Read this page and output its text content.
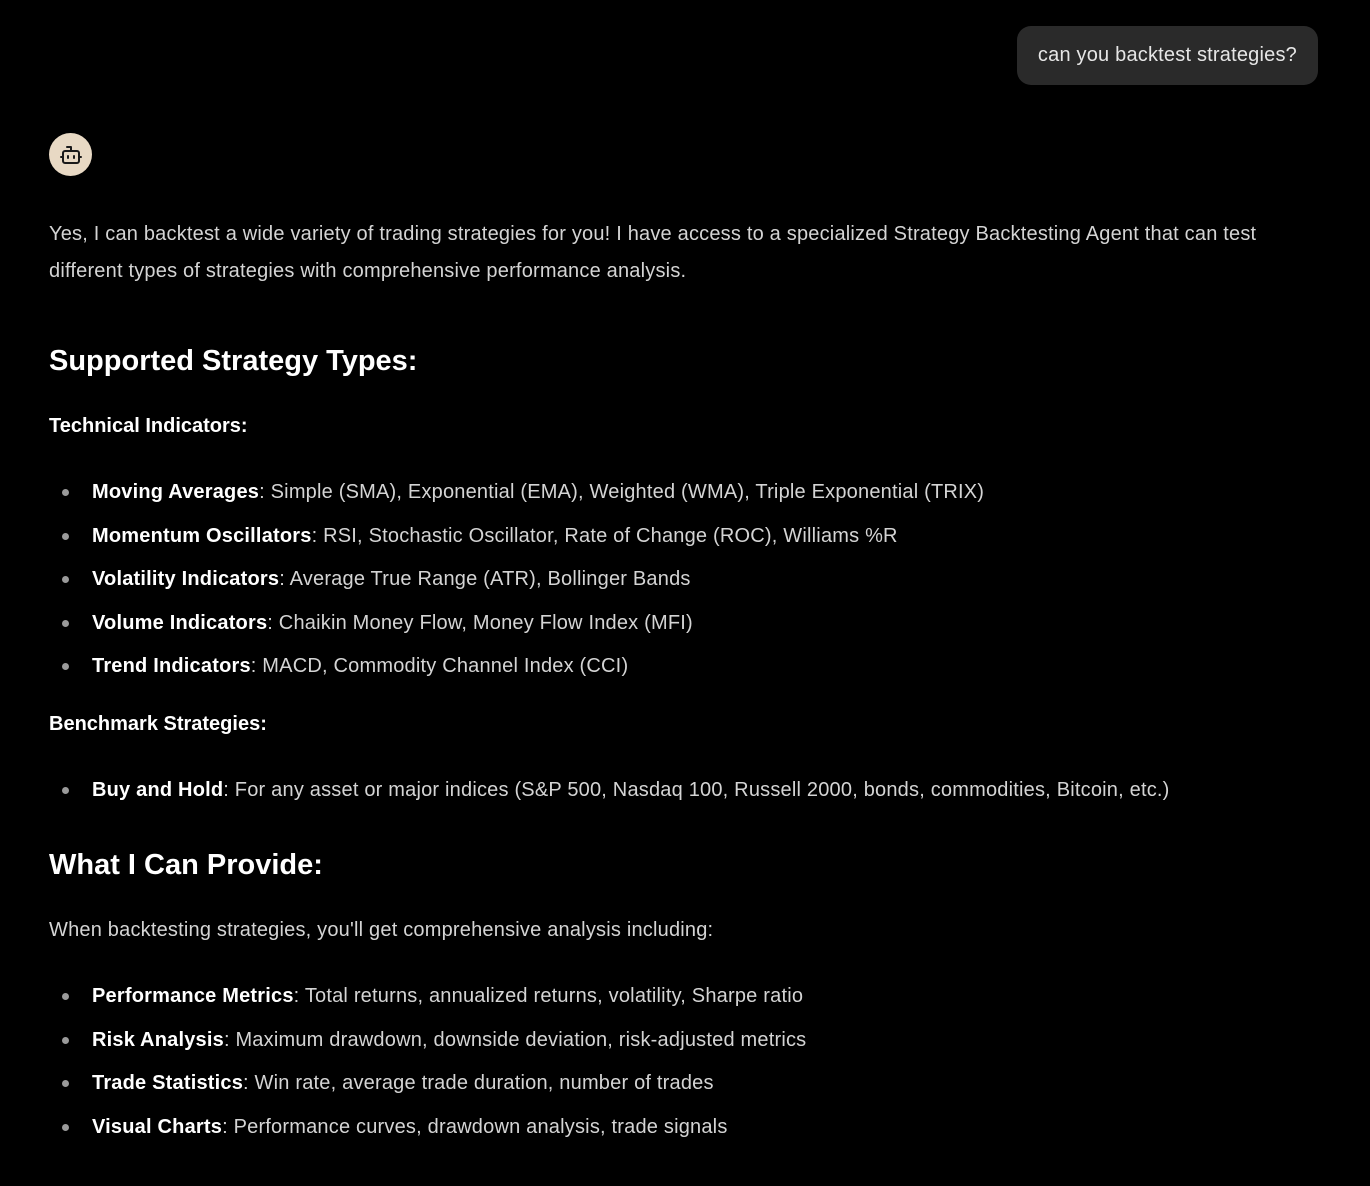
can you backtest strategies?

Yes, I can backtest a wide variety of trading strategies for you! I have access to a specialized Strategy Backtesting Agent that can test different types of strategies with comprehensive performance analysis.

Supported Strategy Types:
Technical Indicators:
Moving Averages: Simple (SMA), Exponential (EMA), Weighted (WMA), Triple Exponential (TRIX)
Momentum Oscillators: RSI, Stochastic Oscillator, Rate of Change (ROC), Williams %R
Volatility Indicators: Average True Range (ATR), Bollinger Bands
Volume Indicators: Chaikin Money Flow, Money Flow Index (MFI)
Trend Indicators: MACD, Commodity Channel Index (CCI)
Benchmark Strategies:
Buy and Hold: For any asset or major indices (S&P 500, Nasdaq 100, Russell 2000, bonds, commodities, Bitcoin, etc.)
What I Can Provide:

When backtesting strategies, you'll get comprehensive analysis including:

Performance Metrics: Total returns, annualized returns, volatility, Sharpe ratio
Risk Analysis: Maximum drawdown, downside deviation, risk-adjusted metrics
Trade Statistics: Win rate, average trade duration, number of trades
Visual Charts: Performance curves, drawdown analysis, trade signals
